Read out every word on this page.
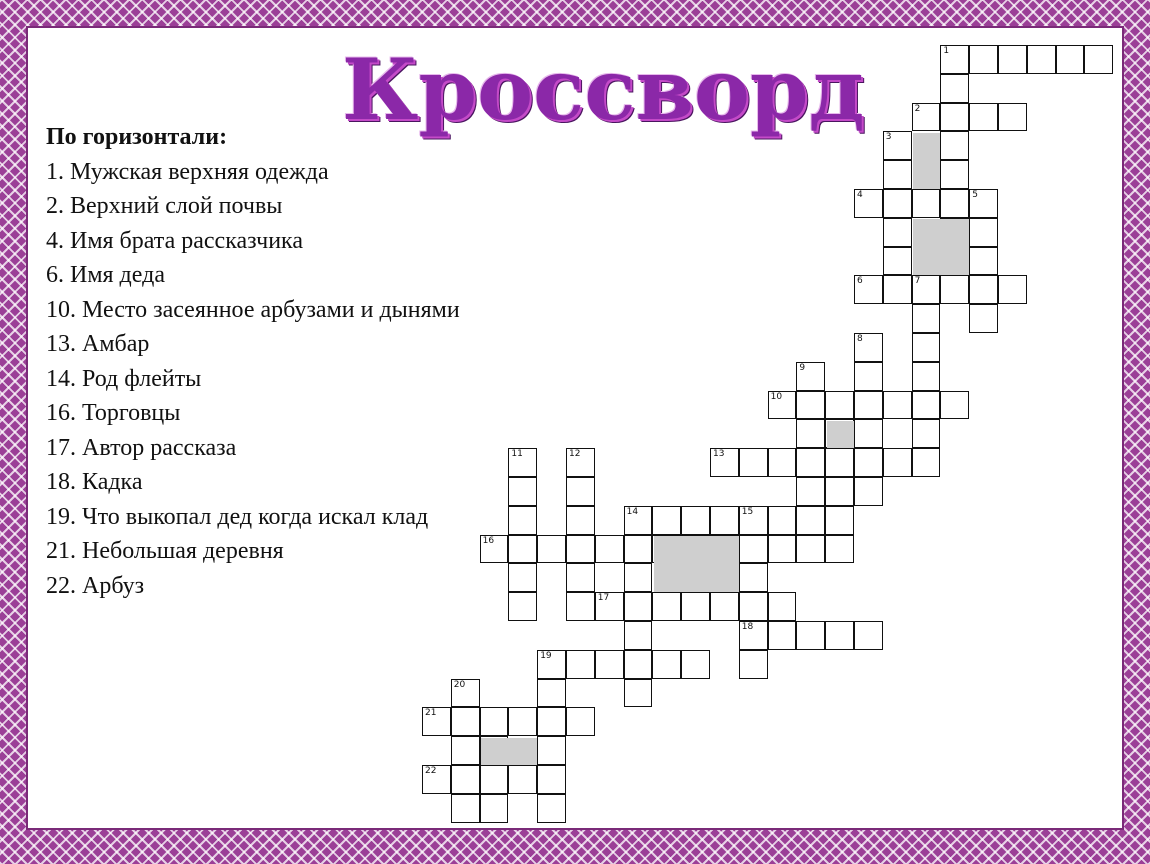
Кроссворд
По горизонтали:
1. Мужская верхняя одежда
2. Верхний слой почвы
4. Имя брата рассказчика
6. Имя деда
10. Место засеянное арбузами и дынями
13. Амбар
14. Род флейты
16. Торговцы
17. Автор рассказа
18. Кадка
19. Что выкопал дед когда искал клад
21. Небольшая деревня
22. Арбуз
1
2
3
4	5
6	7
8
9
10
11	12	13
14	15
16
17
18
19
20
21
22
